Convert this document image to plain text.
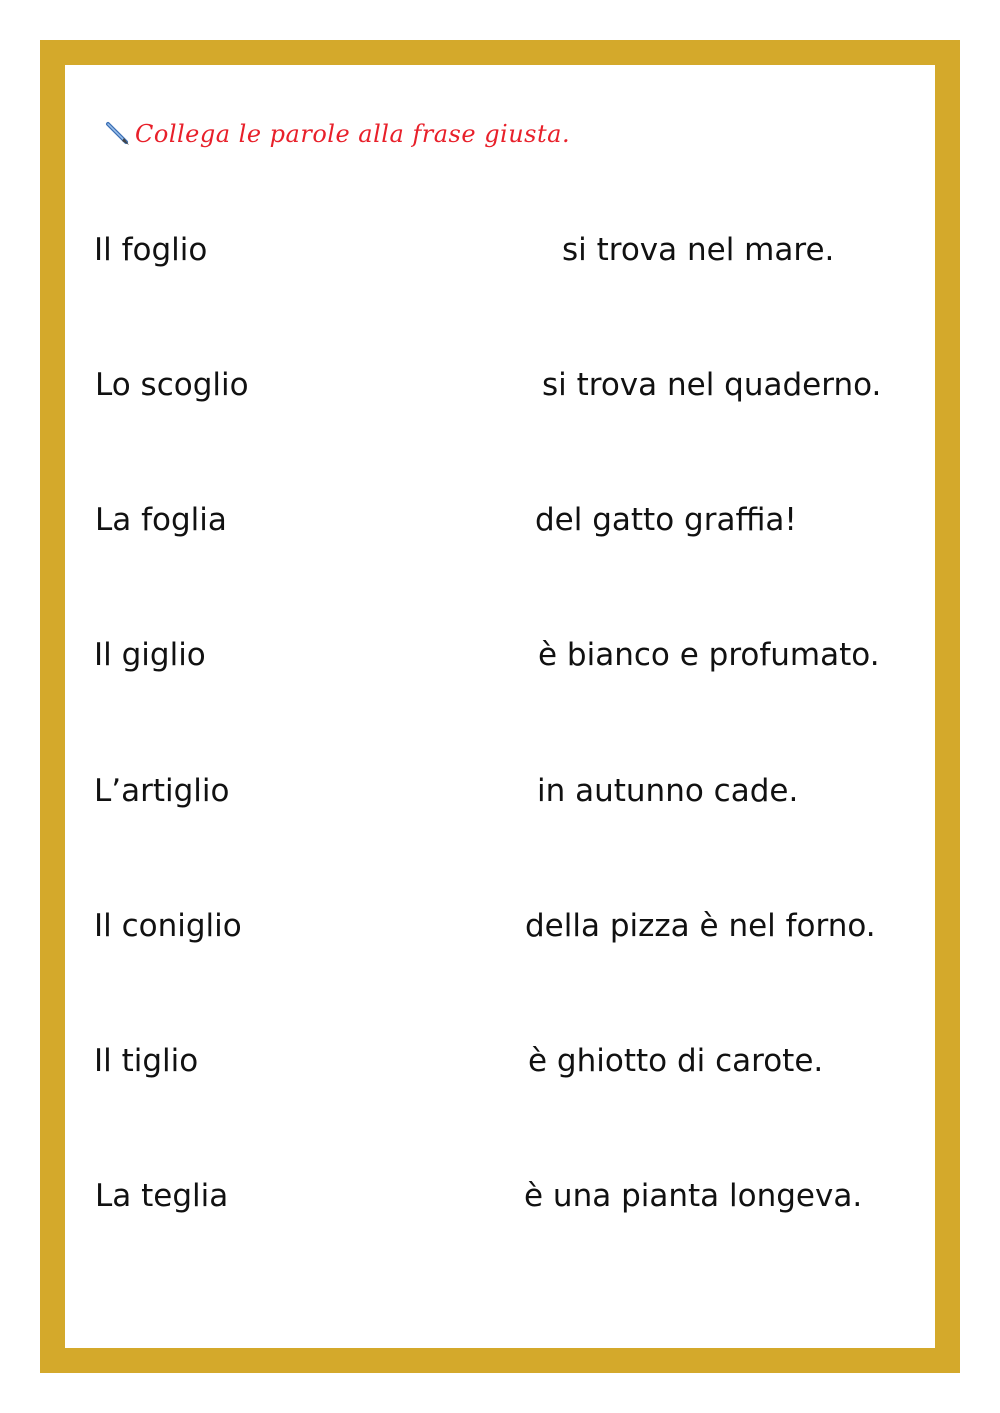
Collega le parole alla frase giusta.
Il foglio	si trova nel mare.
Lo scoglio	si trova nel quaderno.
La foglia	del gatto graffia!
Il giglio	è bianco e profumato.
L’artiglio	in autunno cade.
Il coniglio	della pizza è nel forno.
Il tiglio	è ghiotto di carote.
La teglia	è una pianta longeva.
